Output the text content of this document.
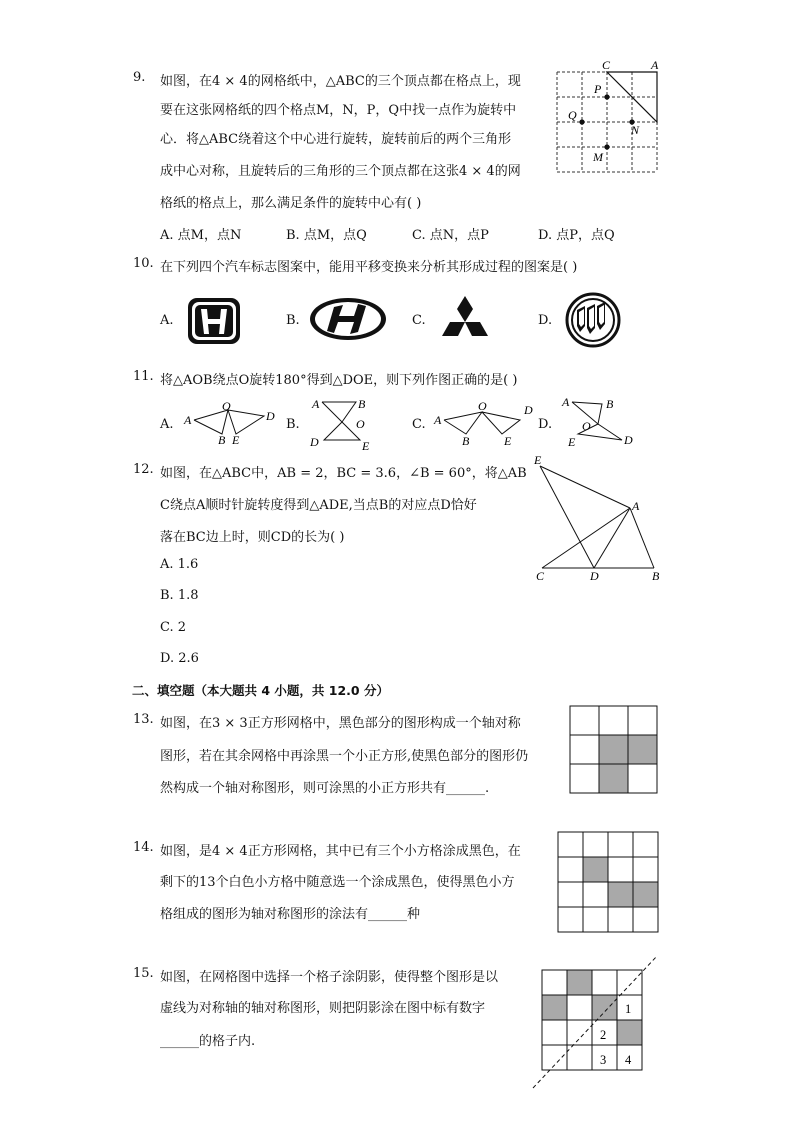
9. 如图，在4 × 4的网格纸中，△ABC的三个顶点都在格点上，现
要在这张网格纸的四个格点M，N，P，Q中找一点作为旋转中
心．将△ABC绕着这个中心进行旋转，旋转前后的两个三角形
成中心对称，且旋转后的三角形的三个顶点都在这张4 × 4的网
格纸的格点上，那么满足条件的旋转中心有( )
C	A
P
Q
N
M
A. 点M，点N	B. 点M，点Q	C. 点N，点P	D. 点P，点Q
10. 在下列四个汽车标志图案中，能用平移变换来分析其形成过程的图案是( )
A.	B.	C.	D.
11. 将△AOB绕点O旋转180°得到△DOE，则下列作图正确的是( )
A. A
O
D
B E
B.
A	B
O
D	E
C. A
O	D
B	E
D.
A	B
O
E	D
12. 如图，在△ABC中，AB = 2，BC = 3.6，∠B = 60°，将△AB
C绕点A顺时针旋转度得到△ADE,当点B的对应点D恰好
落在BC边上时，则CD的长为( )
E
A
C	D	B
A. 1.6
B. 1.8
C. 2
D. 2.6
二、填空题（本大题共 4 小题，共 12.0 分）
13. 如图，在3 × 3正方形网格中，黑色部分的图形构成一个轴对称
图形，若在其余网格中再涂黑一个小正方形,使黑色部分的图形仍
然构成一个轴对称图形，则可涂黑的小正方形共有______.
14. 如图，是4 × 4正方形网格，其中已有三个小方格涂成黑色，在
剩下的13个白色小方格中随意选一个涂成黑色，使得黑色小方
格组成的图形为轴对称图形的涂法有______种
15. 如图，在网格图中选择一个格子涂阴影，使得整个图形是以
虚线为对称轴的轴对称图形，则把阴影涂在图中标有数字
______的格子内.
1
2
3 4
